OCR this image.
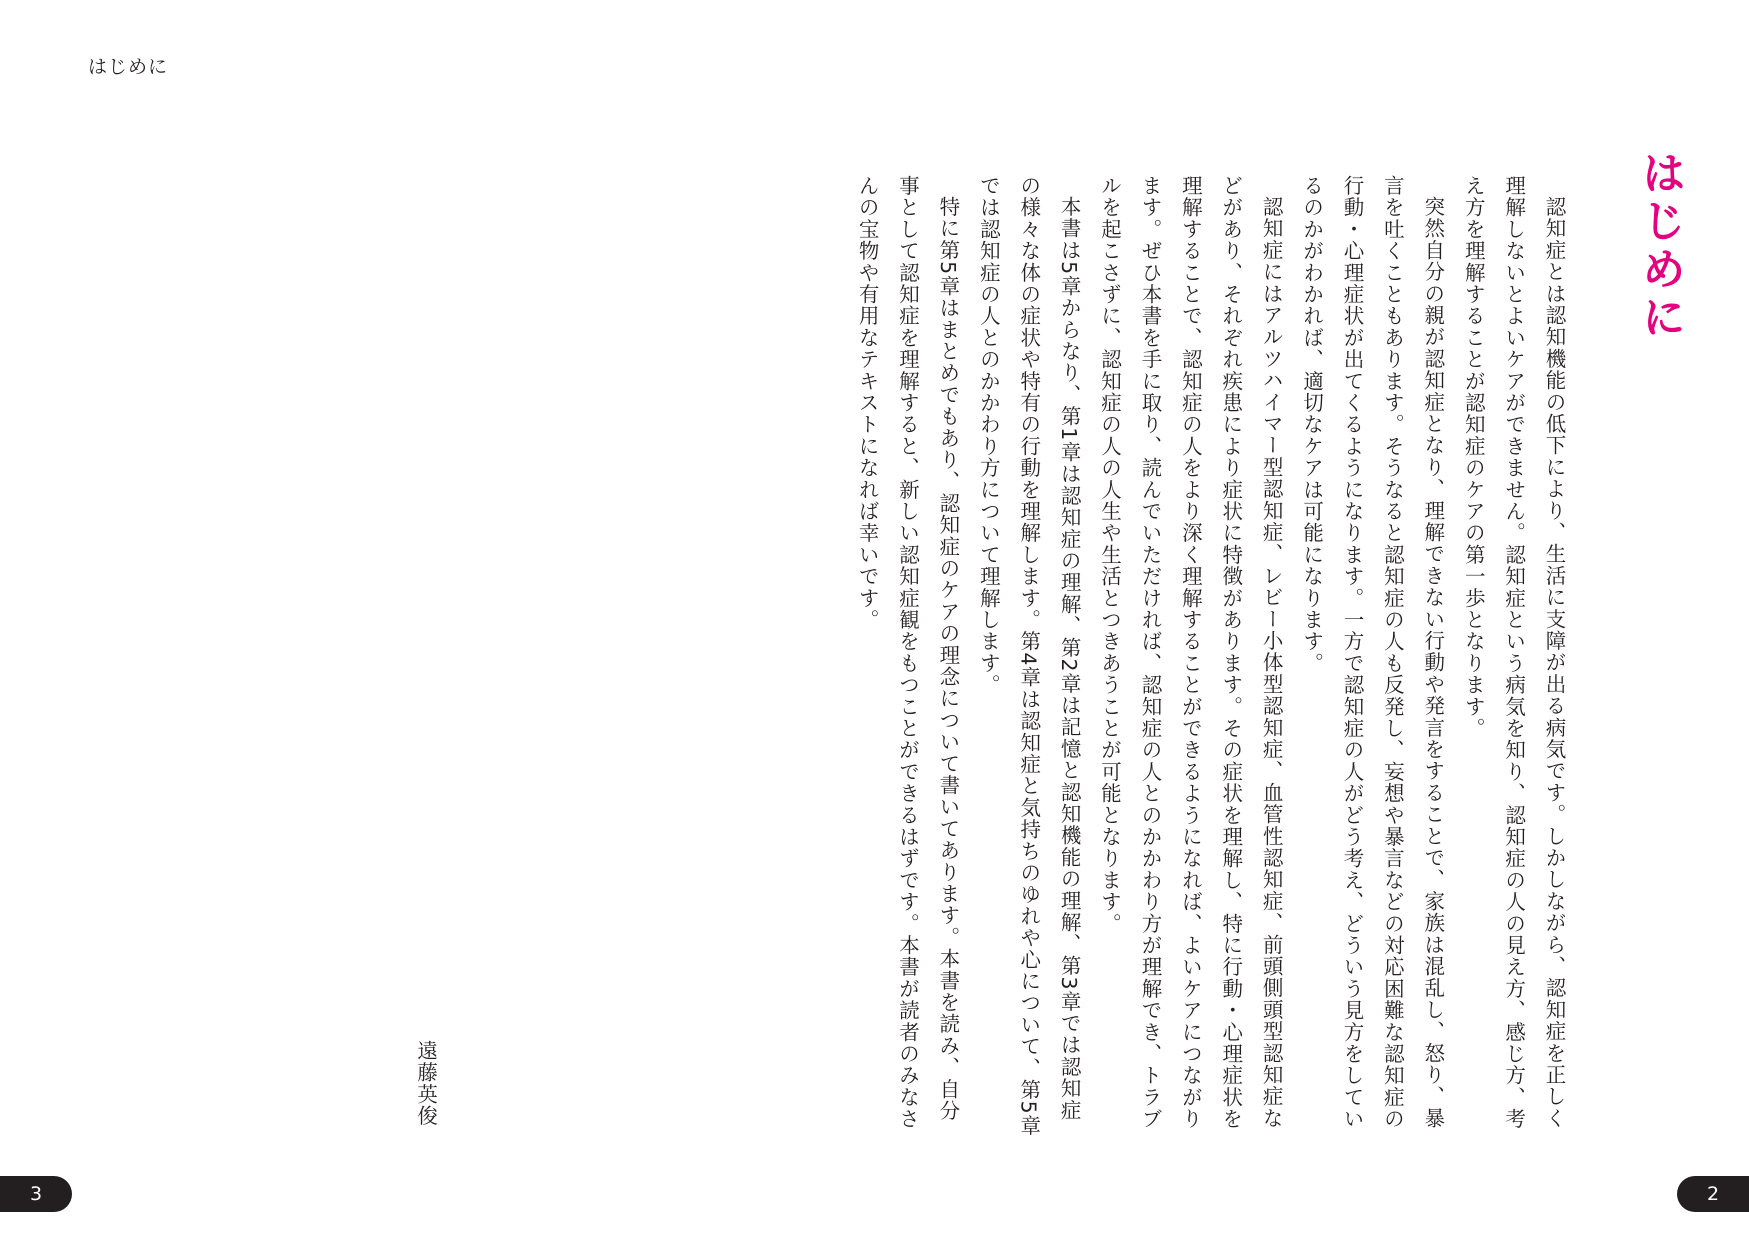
はじめに
はじめに

認知症とは認知機能の低下により、生活に支障が出る病気です。しかしながら、認知症を正しく理解しないとよいケアができません。認知症という病気を知り、認知症の人の見え方、感じ方、考え方を理解することが認知症のケアの第一歩となります。

突然自分の親が認知症となり、理解できない行動や発言をすることで、家族は混乱し、怒り、暴言を吐くこともあります。そうなると認知症の人も反発し、妄想や暴言などの対応困難な認知症の行動・心理症状が出てくるようになります。一方で認知症の人がどう考え、どういう見方をしているのかがわかれば、適切なケアは可能になります。

認知症にはアルツハイマー型認知症、レビー小体型認知症、血管性認知症、前頭側頭型認知症などがあり、それぞれ疾患により症状に特徴があります。その症状を理解し、特に行動・心理症状を理解することで、認知症の人をより深く理解することができるようになれば、よいケアにつながります。ぜひ本書を手に取り、読んでいただければ、認知症の人とのかかわり方が理解でき、トラブルを起こさずに、認知症の人の人生や生活とつきあうことが可能となります。

本書は5章からなり、第1章は認知症の理解、第2章は記憶と認知機能の理解、第3章では認知症の様々な体の症状や特有の行動を理解します。第4章は認知症と気持ちのゆれや心について、第5章では認知症の人とのかかわり方について理解します。

特に第5章はまとめでもあり、認知症のケアの理念について書いてあります。本書を読み、自分事として認知症を理解すると、新しい認知症観をもつことができるはずです。本書が読者のみなさんの宝物や有用なテキストになれば幸いです。

遠藤英俊
3	2
